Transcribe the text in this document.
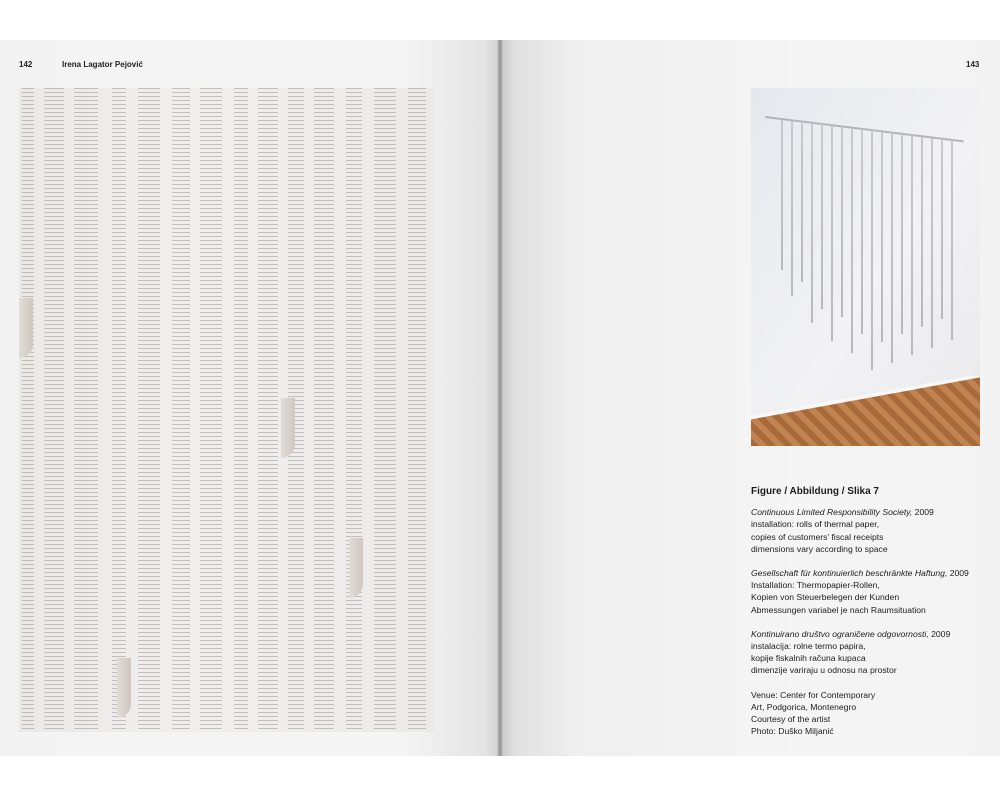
142	Irena Lagator Pejović	143
Figure / Abbildung / Slika 7
Continuous Limited Responsibility Society, 2009
installation: rolls of thermal paper,
copies of customers’ fiscal receipts
dimensions vary according to space
Gesellschaft für kontinuierlich beschränkte Haftung, 2009
Installation: Thermopapier-Rollen,
Kopien von Steuerbelegen der Kunden
Abmessungen variabel je nach Raumsituation
Kontinuirano društvo ograničene odgovornosti, 2009
instalacija: rolne termo papira,
kopije fiskalnih računa kupaca
dimenzije variraju u odnosu na prostor
Venue: Center for Contemporary
Art, Podgorica, Montenegro
Courtesy of the artist
Photo: Duško Miljanić
